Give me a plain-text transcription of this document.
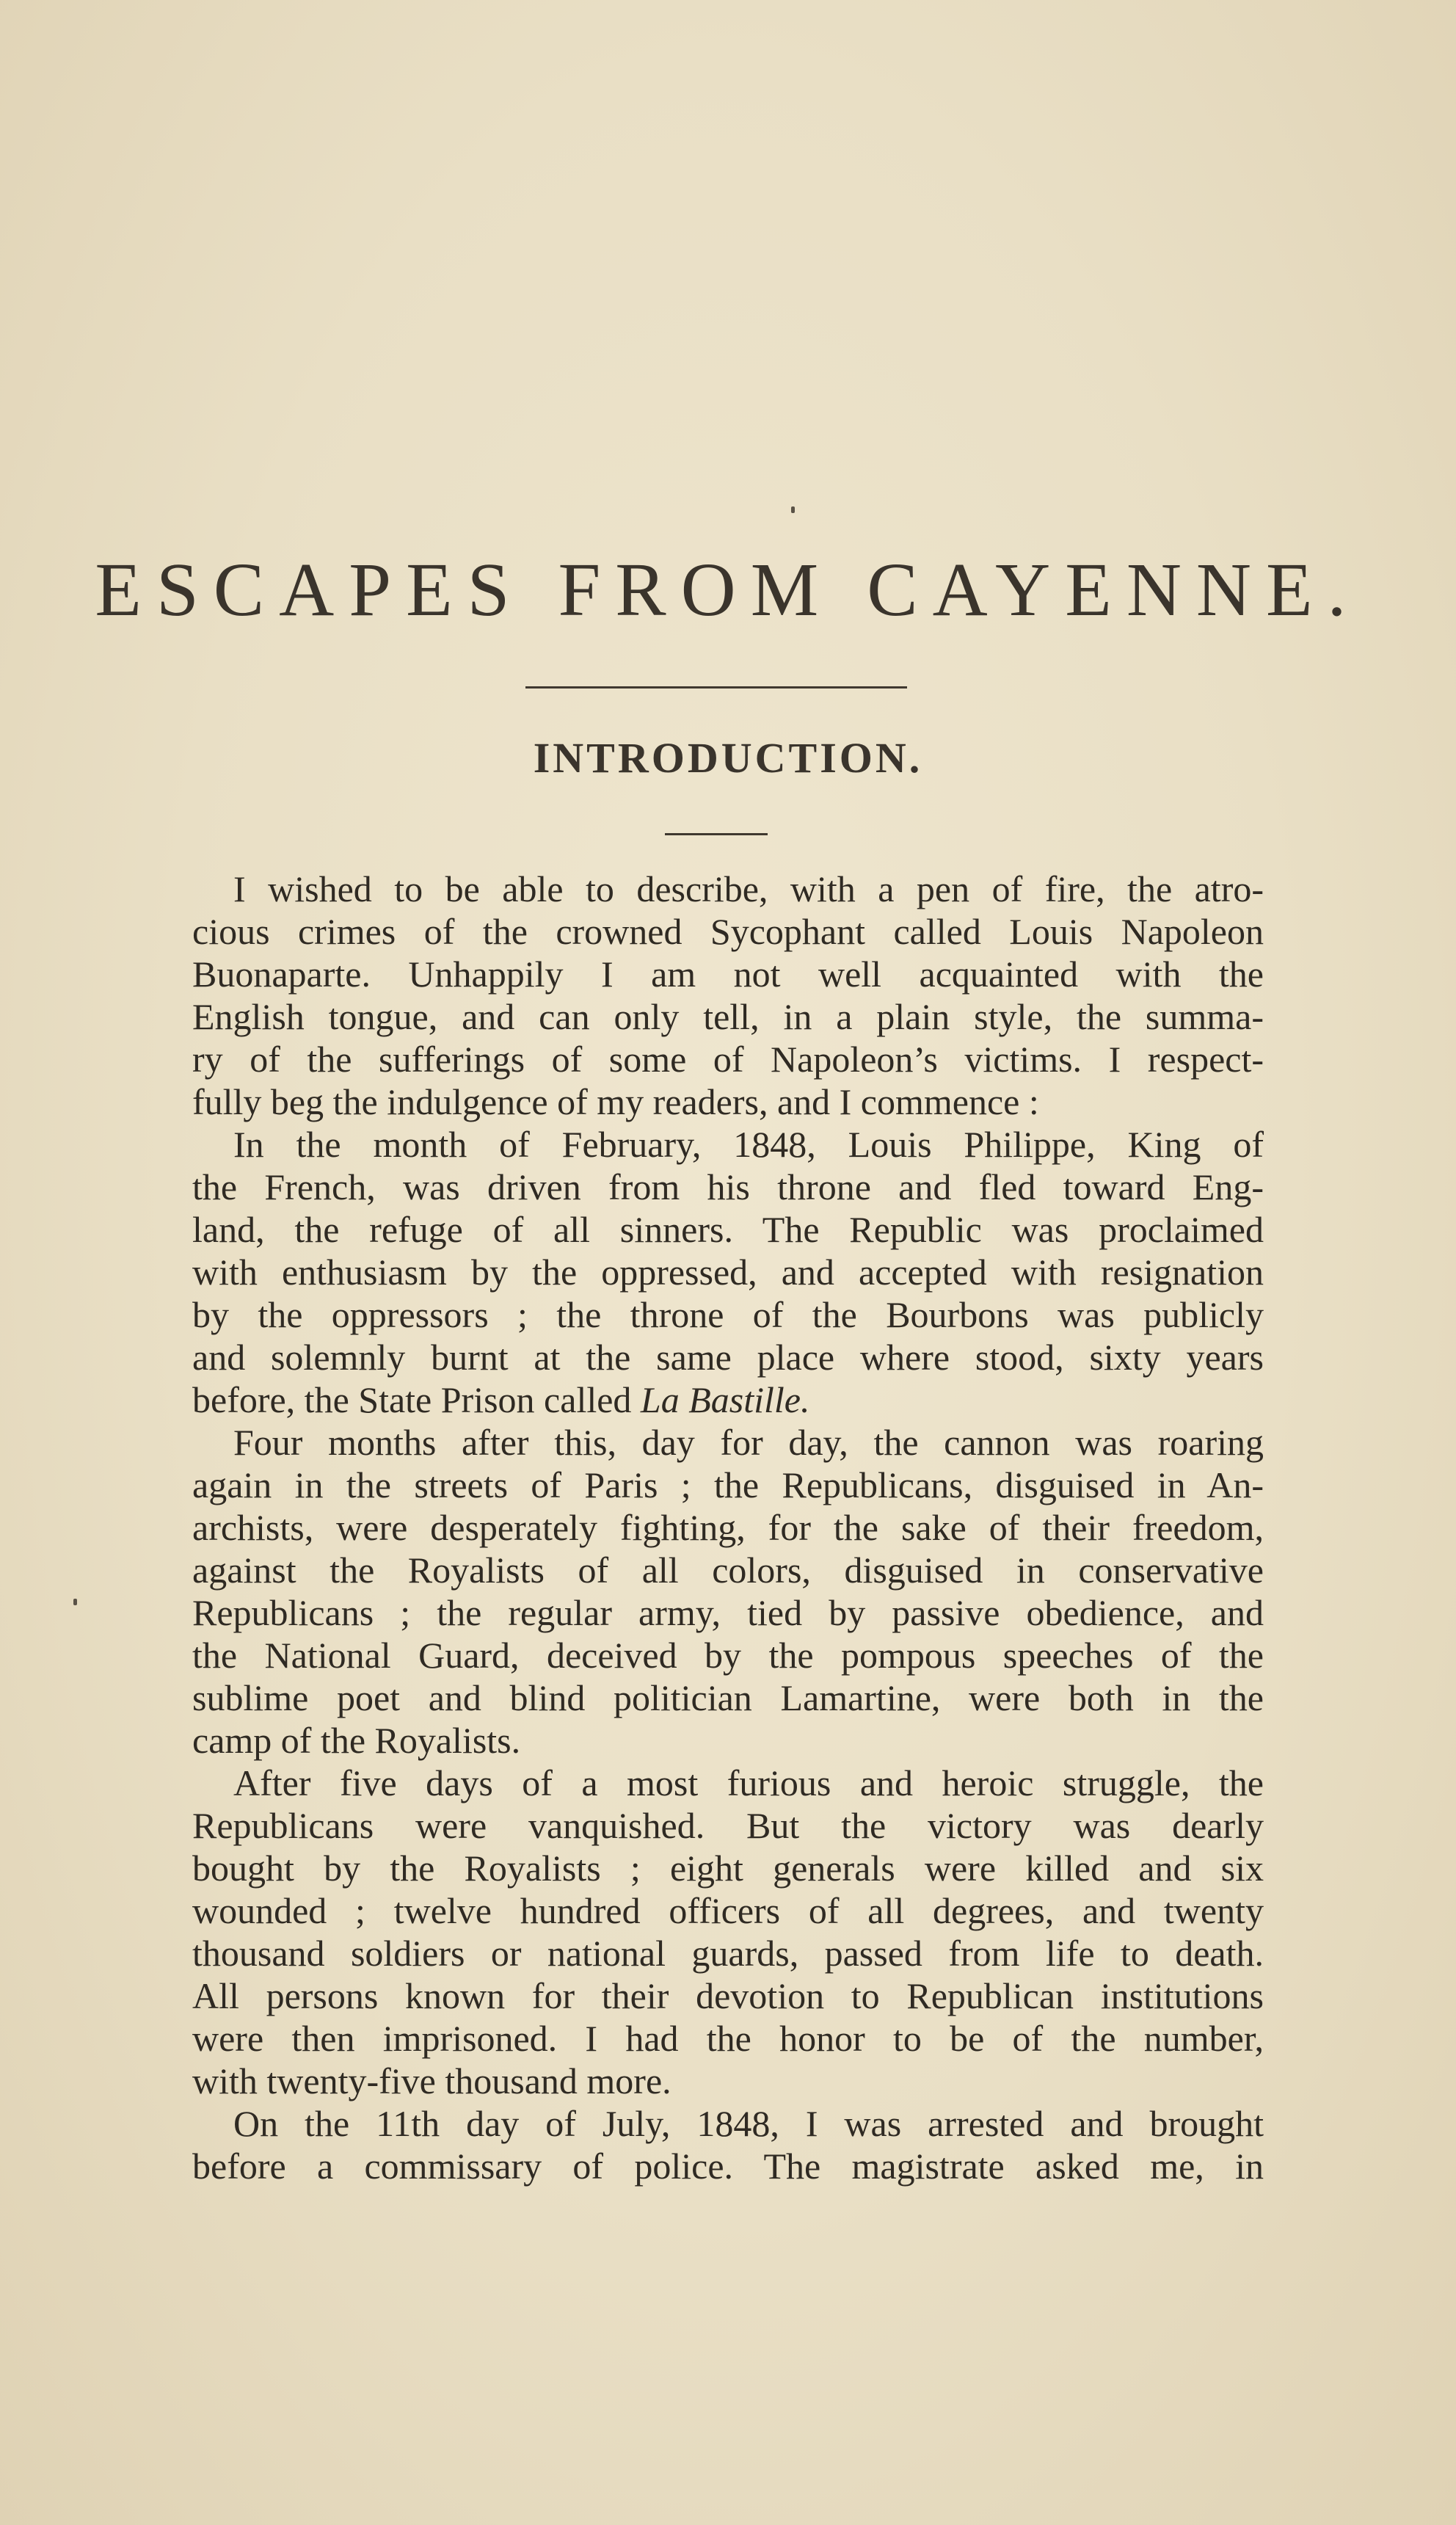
ESCAPES FROM CAYENNE.
INTRODUCTION.
I wished to be able to describe, with a pen of fire, the atro-
cious crimes of the crowned Sycophant called Louis Napoleon
Buonaparte. Unhappily I am not well acquainted with the
English tongue, and can only tell, in a plain style, the summa-
ry of the sufferings of some of Napoleon’s victims. I respect-
fully beg the indulgence of my readers, and I commence :
In the month of February, 1848, Louis Philippe, King of
the French, was driven from his throne and fled toward Eng-
land, the refuge of all sinners. The Republic was proclaimed
with enthusiasm by the oppressed, and accepted with resignation
by the oppressors ; the throne of the Bourbons was publicly
and solemnly burnt at the same place where stood, sixty years
before, the State Prison called La Bastille.
Four months after this, day for day, the cannon was roaring
again in the streets of Paris ; the Republicans, disguised in An-
archists, were desperately fighting, for the sake of their freedom,
against the Royalists of all colors, disguised in conservative
Republicans ; the regular army, tied by passive obedience, and
the National Guard, deceived by the pompous speeches of the
sublime poet and blind politician Lamartine, were both in the
camp of the Royalists.
After five days of a most furious and heroic struggle, the
Republicans were vanquished. But the victory was dearly
bought by the Royalists ; eight generals were killed and six
wounded ; twelve hundred officers of all degrees, and twenty
thousand soldiers or national guards, passed from life to death.
All persons known for their devotion to Republican institutions
were then imprisoned. I had the honor to be of the number,
with twenty-five thousand more.
On the 11th day of July, 1848, I was arrested and brought
before a commissary of police. The magistrate asked me, in
